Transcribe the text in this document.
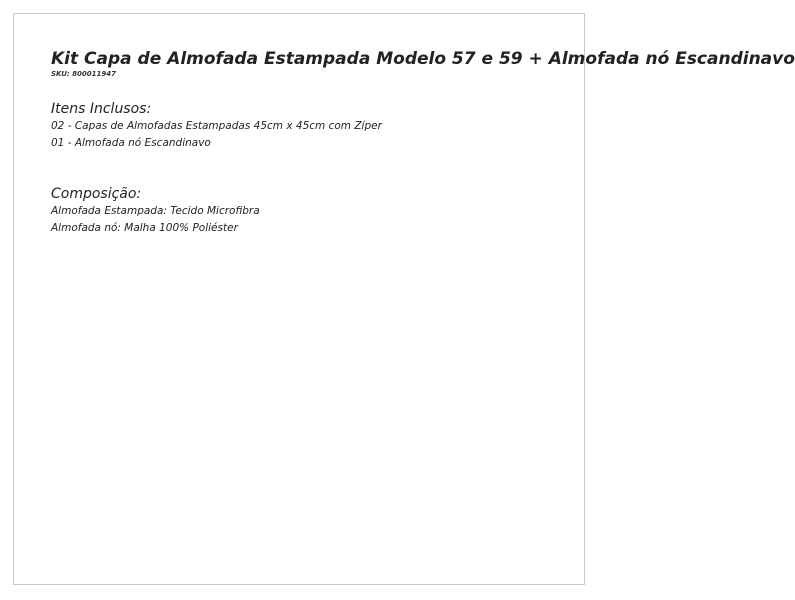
Kit Capa de Almofada Estampada Modelo 57 e 59 + Almofada nó Escandinavo

SKU: 800011947

Itens Inclusos:

02 - Capas de Almofadas Estampadas 45cm x 45cm com Zíper

01 - Almofada nó Escandinavo

Composição:

Almofada Estampada: Tecido Microfibra

Almofada nó: Malha 100% Poliéster
